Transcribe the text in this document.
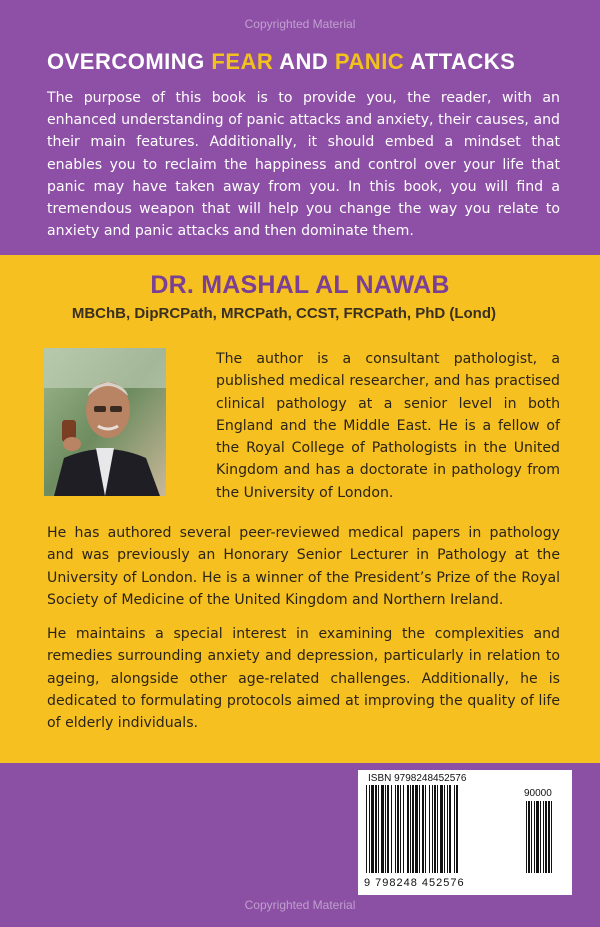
Copyrighted Material
OVERCOMING FEAR AND PANIC ATTACKS
The purpose of this book is to provide you, the reader, with an enhanced understanding of panic attacks and anxiety, their causes, and their main features. Additionally, it should embed a mindset that enables you to reclaim the happiness and control over your life that panic may have taken away from you. In this book, you will find a tremendous weapon that will help you change the way you relate to anxiety and panic attacks and then dominate them.
DR. MASHAL AL NAWAB
MBChB, DipRCPath, MRCPath, CCST, FRCPath, PhD (Lond)
The author is a consultant pathologist, a published medical researcher, and has practised clinical pathology at a senior level in both England and the Middle East. He is a fellow of the Royal College of Pathologists in the United Kingdom and has a doctorate in pathology from the University of London.
He has authored several peer-reviewed medical papers in pathology and was previously an Honorary Senior Lecturer in Pathology at the University of London. He is a winner of the President’s Prize of the Royal Society of Medicine of the United Kingdom and Northern Ireland.
He maintains a special interest in examining the complexities and remedies surrounding anxiety and depression, particularly in relation to ageing, alongside other age-related challenges. Additionally, he is dedicated to formulating protocols aimed at improving the quality of life of elderly individuals.
ISBN 9798248452576
90000
9 798248 452576
Copyrighted Material
